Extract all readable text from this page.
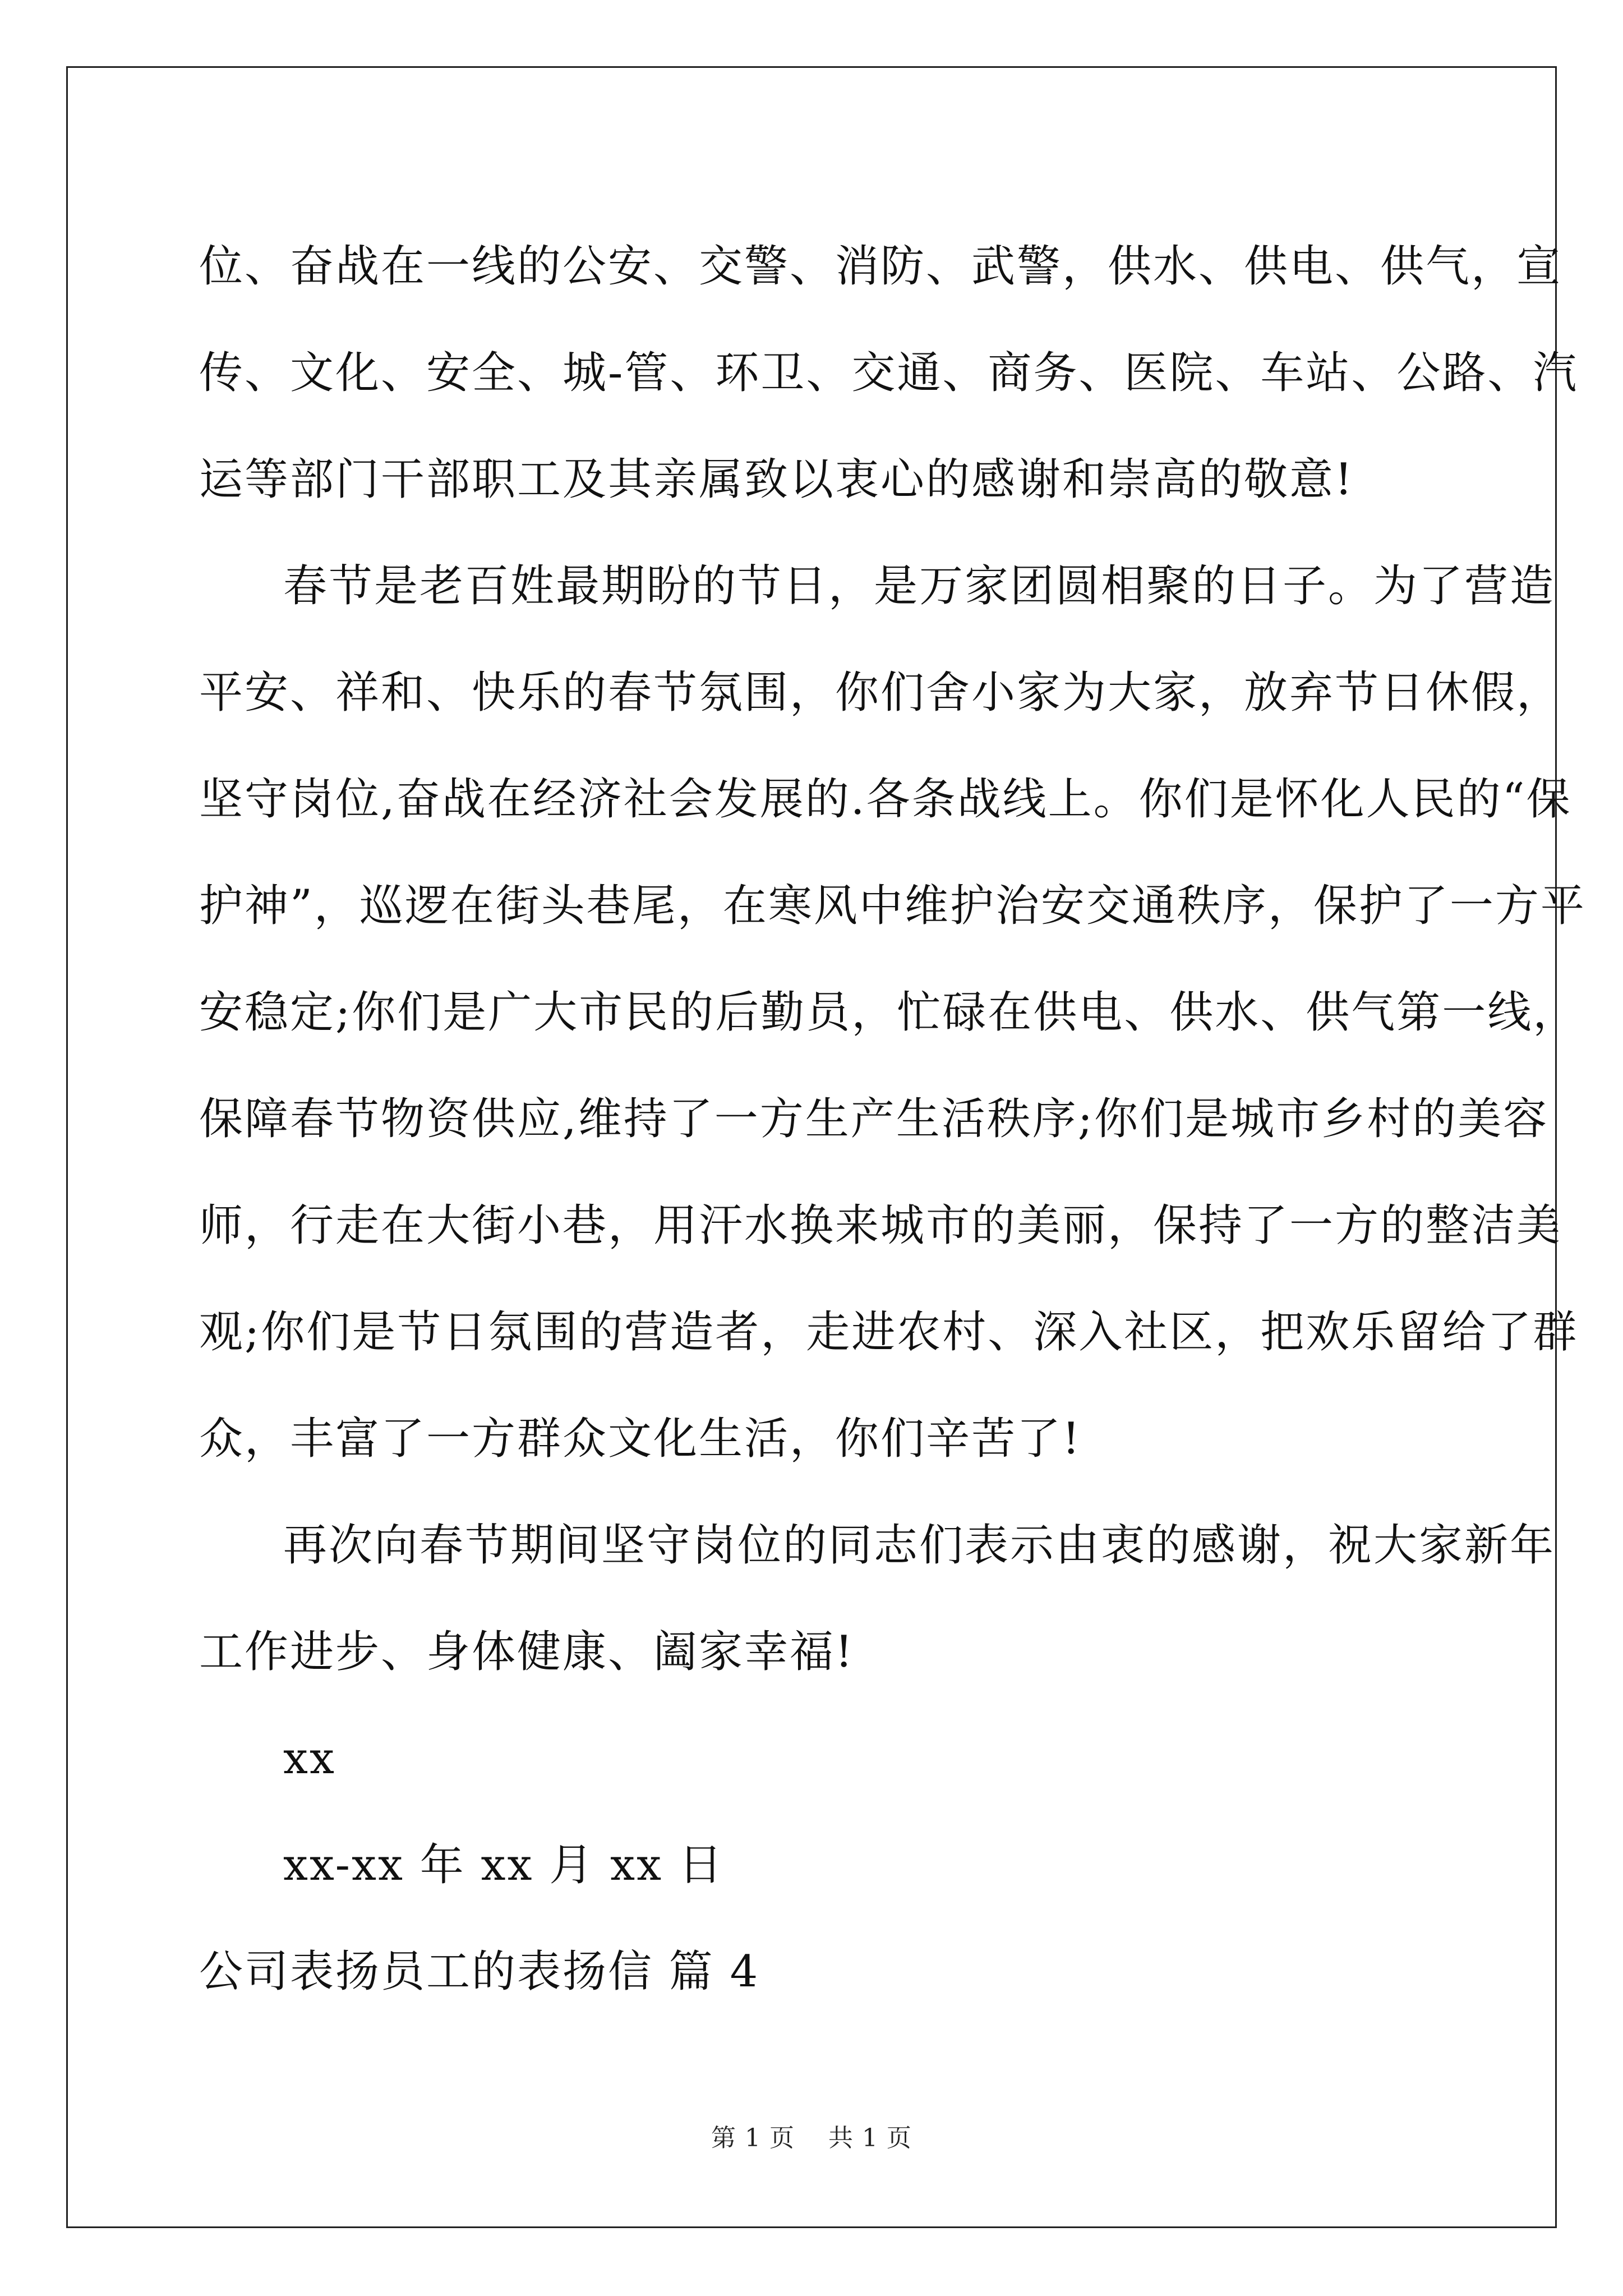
位、奋战在一线的公安、交警、消防、武警，供水、供电、供气，宣
传、文化、安全、城-管、环卫、交通、商务、医院、车站、公路、汽
运等部门干部职工及其亲属致以衷心的感谢和崇高的敬意!
春节是老百姓最期盼的节日，是万家团圆相聚的日子。为了营造
平安、祥和、快乐的春节氛围，你们舍小家为大家，放弃节日休假，
坚守岗位,奋战在经济社会发展的.各条战线上。你们是怀化人民的“保
护神”，巡逻在街头巷尾，在寒风中维护治安交通秩序，保护了一方平
安稳定;你们是广大市民的后勤员，忙碌在供电、供水、供气第一线，
保障春节物资供应,维持了一方生产生活秩序;你们是城市乡村的美容
师，行走在大街小巷，用汗水换来城市的美丽，保持了一方的整洁美
观;你们是节日氛围的营造者，走进农村、深入社区，把欢乐留给了群
众，丰富了一方群众文化生活，你们辛苦了!
再次向春节期间坚守岗位的同志们表示由衷的感谢，祝大家新年
工作进步、身体健康、阖家幸福!
xx
xx-xx 年 xx 月 xx 日
公司表扬员工的表扬信 篇 4
第 1 页    共 1 页
